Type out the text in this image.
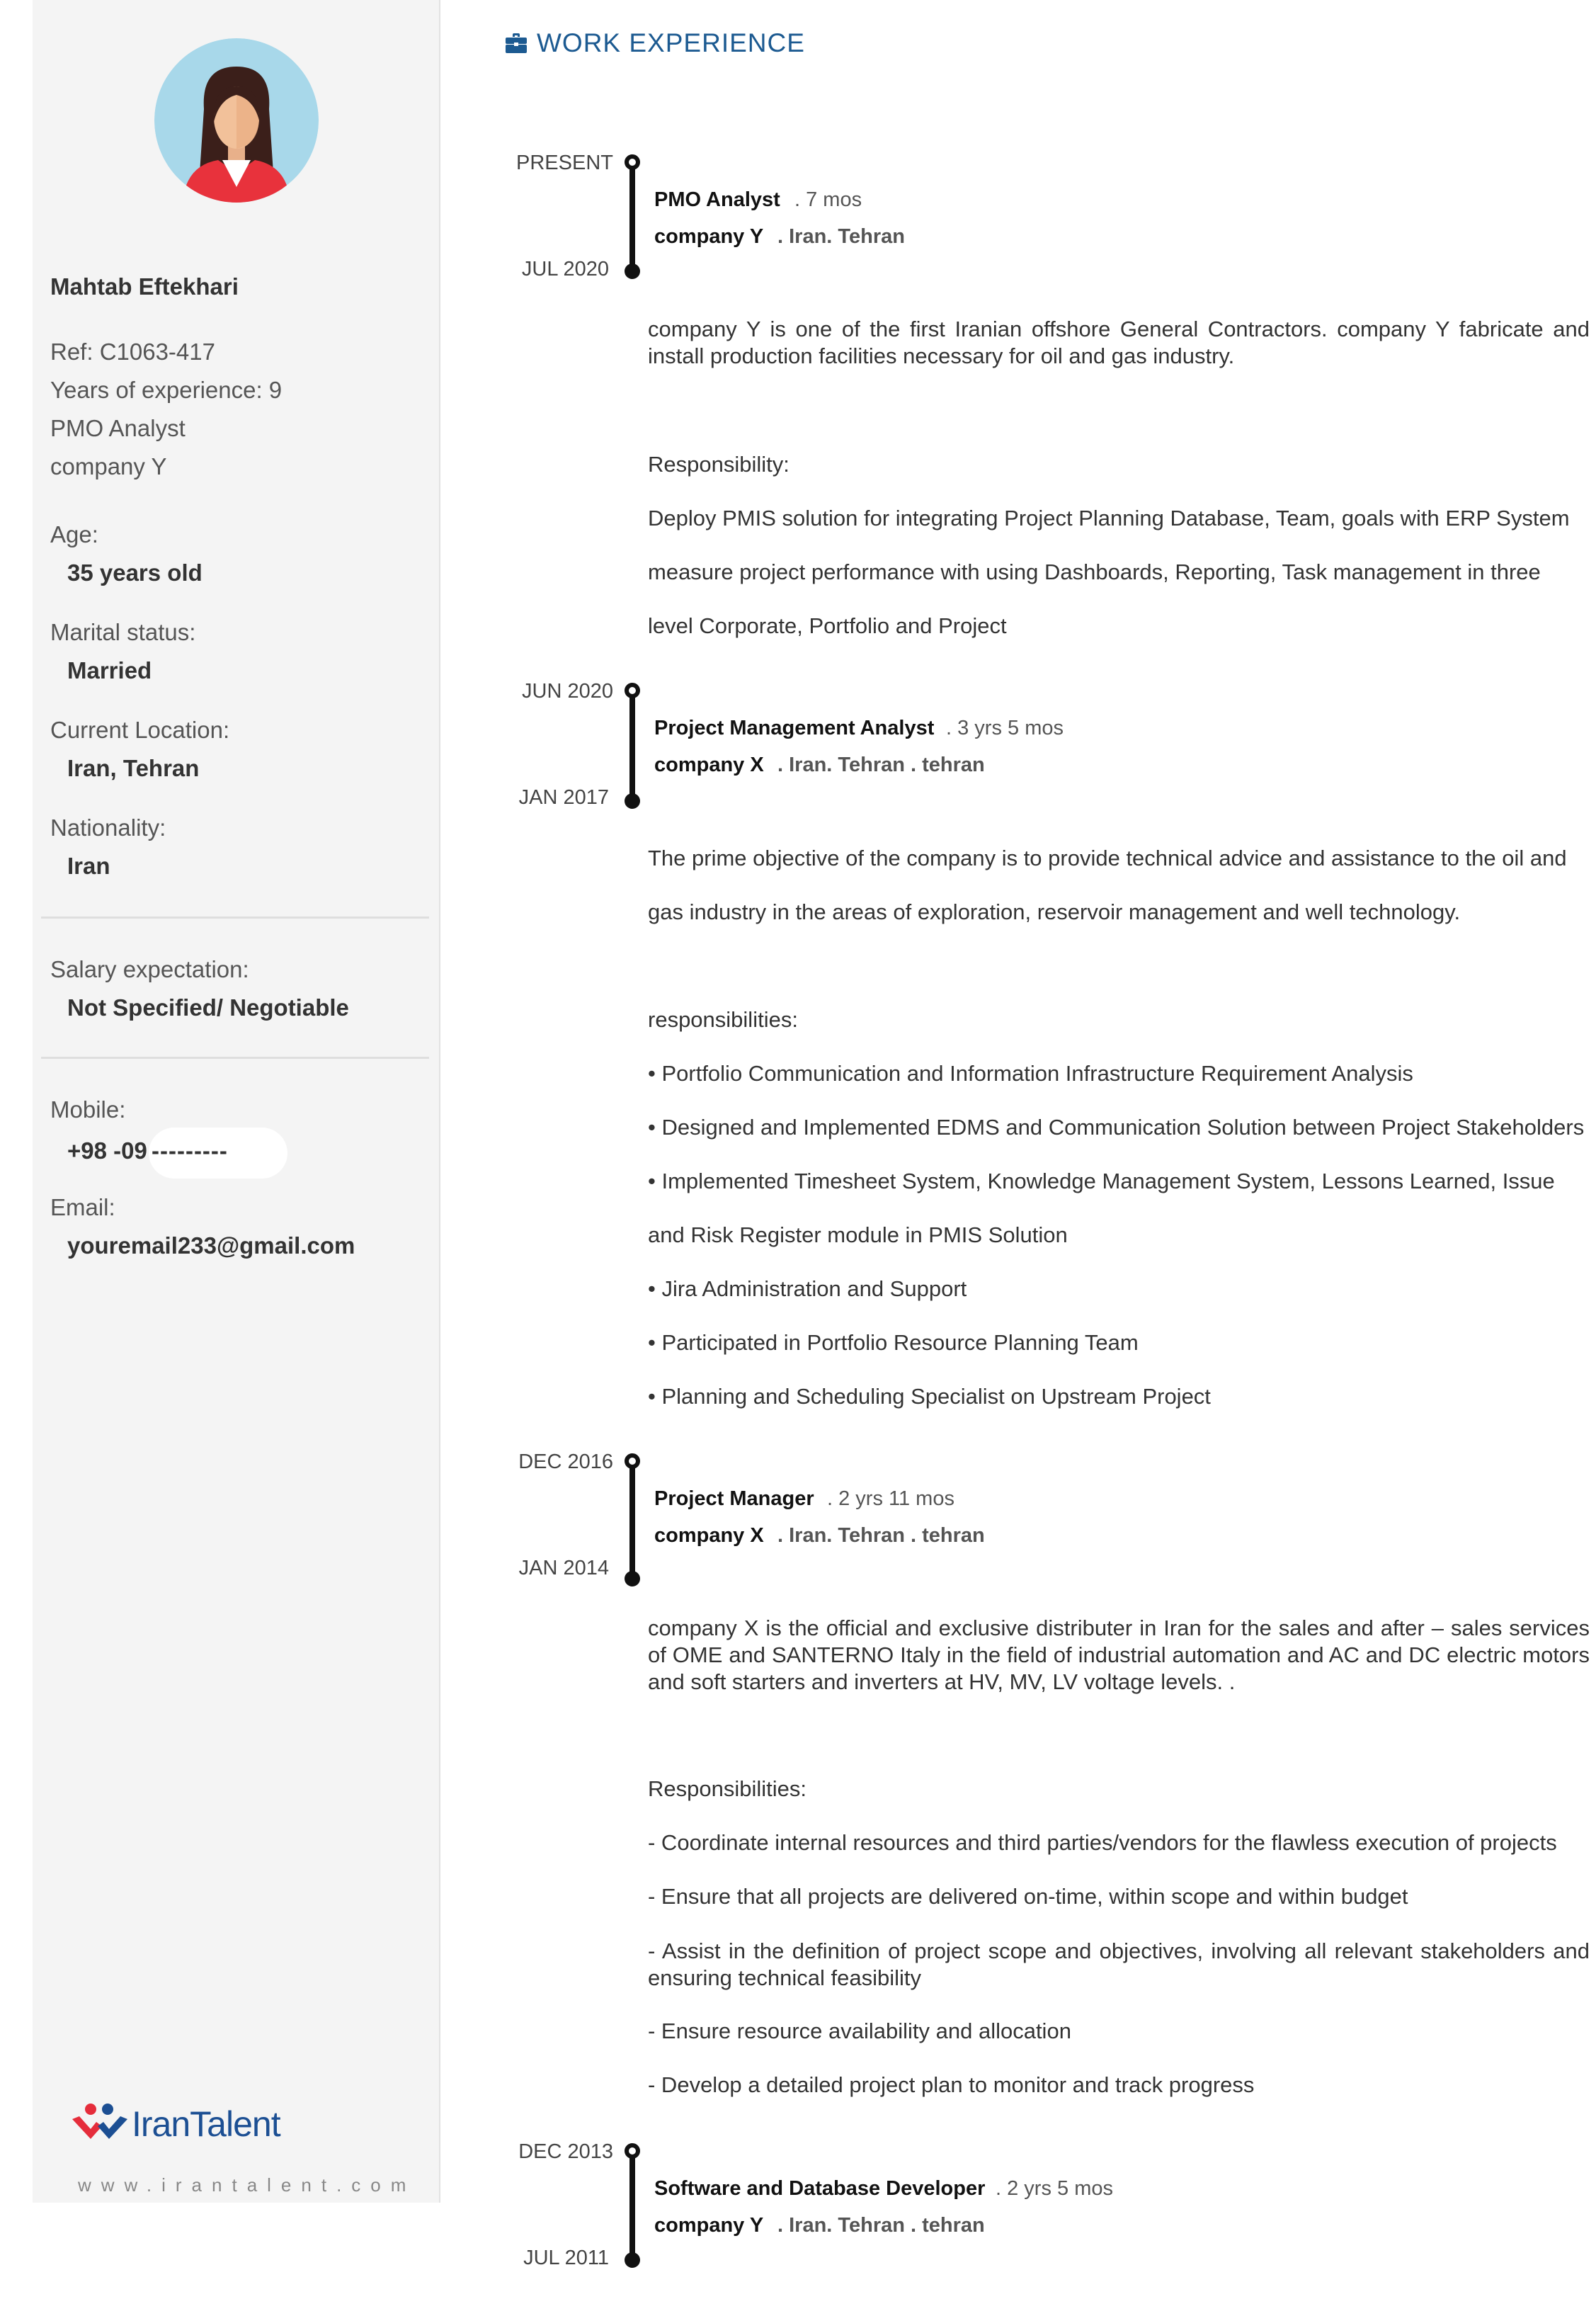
Mahtab Eftekhari
Ref: C1063-417
Years of experience: 9
PMO Analyst
company Y
Age:
35 years old
Marital status:
Married
Current Location:
Iran, Tehran
Nationality:
Iran
Salary expectation:
Not Specified/ Negotiable
Mobile:
+98 -09 ---------
Email:
youremail233@gmail.com
IranTalent
www.irantalent.com
WORK EXPERIENCE
PRESENT
JUL 2020
PMO Analyst . 7 mos
company Y . Iran. Tehran
company Y is one of the first Iranian offshore General Contractors. company Y fabricate and install production facilities necessary for oil and gas industry.
Responsibility:
Deploy PMIS solution for integrating Project Planning Database, Team, goals with ERP System
measure project performance with using Dashboards, Reporting, Task management in three
level Corporate, Portfolio and Project
JUN 2020
JAN 2017
Project Management Analyst . 3 yrs 5 mos
company X . Iran. Tehran . tehran
The prime objective of the company is to provide technical advice and assistance to the oil and
gas industry in the areas of exploration, reservoir management and well technology.
responsibilities:
• Portfolio Communication and Information Infrastructure Requirement Analysis
• Designed and Implemented EDMS and Communication Solution between Project Stakeholders
• Implemented Timesheet System, Knowledge Management System, Lessons Learned, Issue
and Risk Register module in PMIS Solution
• Jira Administration and Support
• Participated in Portfolio Resource Planning Team
• Planning and Scheduling Specialist on Upstream Project
DEC 2016
JAN 2014
Project Manager . 2 yrs 11 mos
company X . Iran. Tehran . tehran
company X is the official and exclusive distributer in Iran for the sales and after – sales services of OME and SANTERNO Italy in the field of industrial automation and AC and DC electric motors and soft starters and inverters at HV, MV, LV voltage levels. .
Responsibilities:
- Coordinate internal resources and third parties/vendors for the flawless execution of projects
- Ensure that all projects are delivered on-time, within scope and within budget
- Assist in the definition of project scope and objectives, involving all relevant stakeholders and ensuring technical feasibility
- Ensure resource availability and allocation
- Develop a detailed project plan to monitor and track progress
DEC 2013
JUL 2011
Software and Database Developer . 2 yrs 5 mos
company Y . Iran. Tehran . tehran
